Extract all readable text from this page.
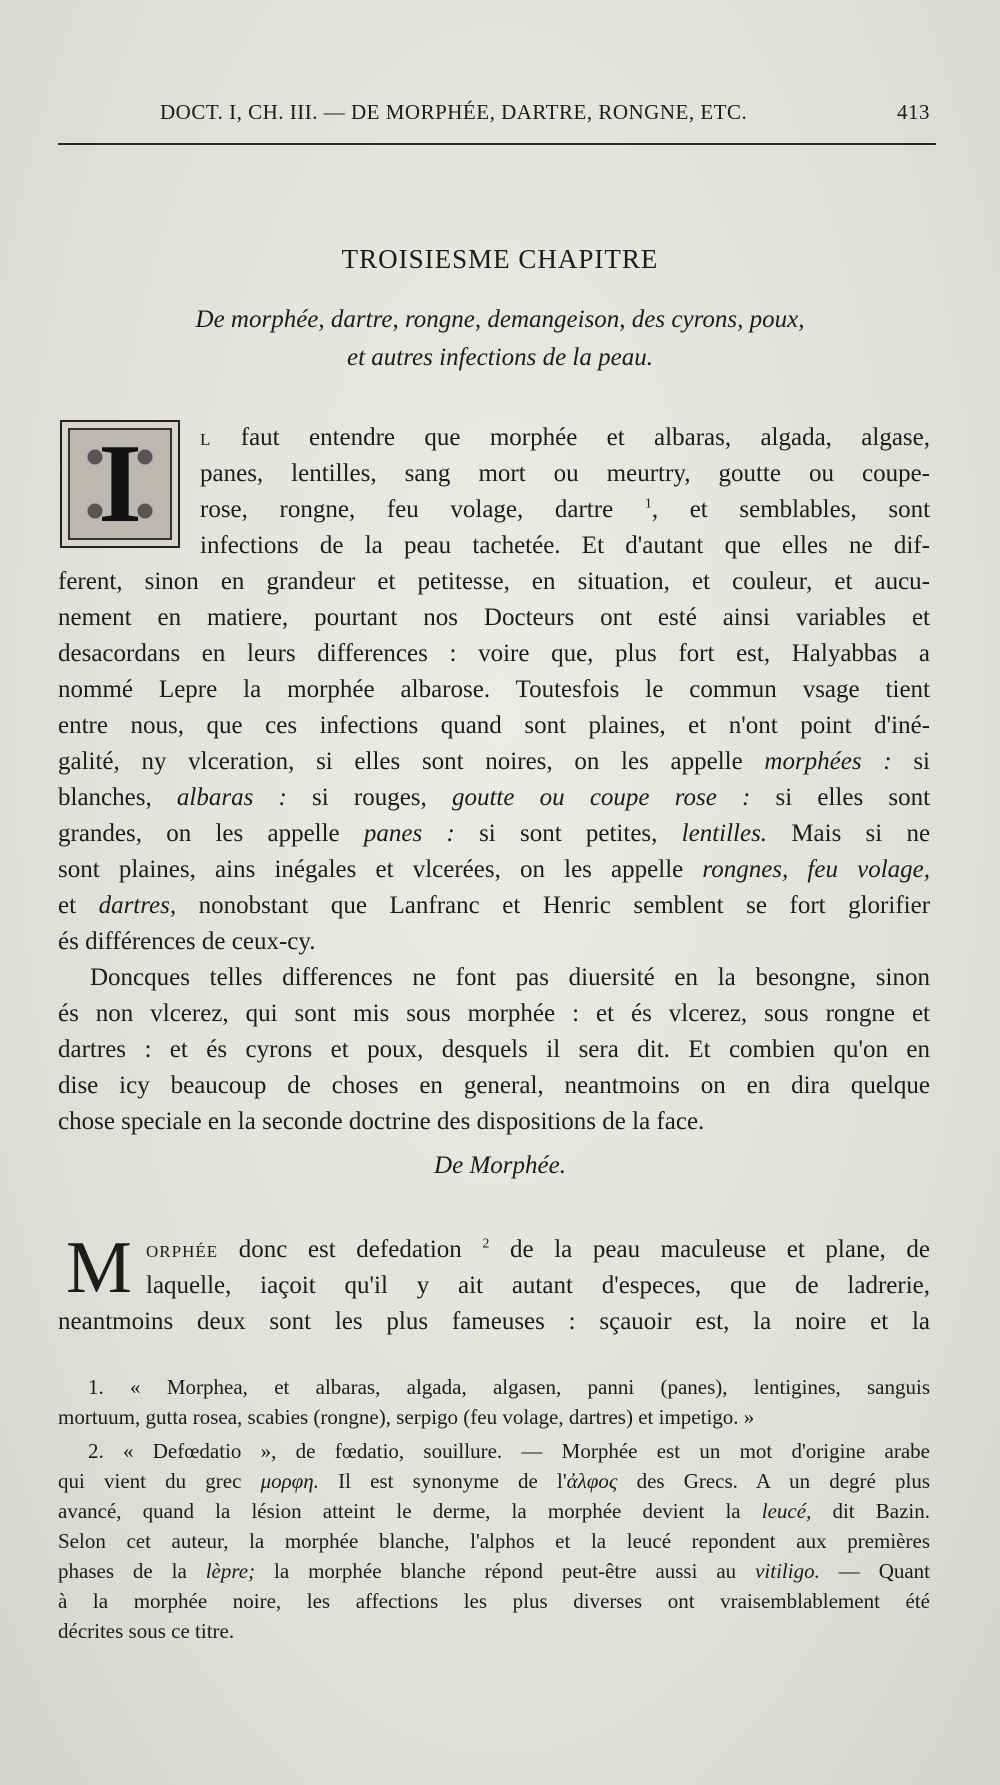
DOCT. I, CH. III. — DE MORPHÉE, DARTRE, RONGNE, ETC.	413
TROISIESME CHAPITRE
De morphée, dartre, rongne, demangeison, des cyrons, poux,
et autres infections de la peau.
I	L faut entendre que morphée et albaras, algada, algase,
panes, lentilles, sang mort ou meurtry, goutte ou coupe-
rose, rongne, feu volage, dartre $^1$, et semblables, sont
infections de la peau tachetée. Et d'autant que elles ne dif-
ferent, sinon en grandeur et petitesse, en situation, et couleur, et aucu-
nement en matiere, pourtant nos Docteurs ont esté ainsi variables et
desacordans en leurs differences : voire que, plus fort est, Halyabbas a
nommé Lepre la morphée albarose. Toutesfois le commun vsage tient
entre nous, que ces infections quand sont plaines, et n'ont point d'iné-
galité, ny vlceration, si elles sont noires, on les appelle morphées : si
blanches, albaras : si rouges, goutte ou coupe rose : si elles sont
grandes, on les appelle panes : si sont petites, lentilles. Mais si ne
sont plaines, ains inégales et vlcerées, on les appelle rongnes, feu volage,
et dartres, nonobstant que Lanfranc et Henric semblent se fort glorifier
és différences de ceux-cy.
Doncques telles differences ne font pas diuersité en la besongne, sinon
és non vlcerez, qui sont mis sous morphée : et és vlcerez, sous rongne et
dartres : et és cyrons et poux, desquels il sera dit. Et combien qu'on en
dise icy beaucoup de choses en general, neantmoins on en dira quelque
chose speciale en la seconde doctrine des dispositions de la face.
De Morphée.
M ORPHÉE donc est defedation $^2$ de la peau maculeuse et plane, de
laquelle, iaçoit qu'il y ait autant d'especes, que de ladrerie,
neantmoins deux sont les plus fameuses : sçauoir est, la noire et la
1. « Morphea, et albaras, algada, algasen, panni (panes), lentigines, sanguis
mortuum, gutta rosea, scabies (rongne), serpigo (feu volage, dartres) et impetigo. »
2. « Defœdatio », de fœdatio, souillure. — Morphée est un mot d'origine arabe
qui vient du grec μορφη. Il est synonyme de l'ἀλφος des Grecs. A un degré plus
avancé, quand la lésion atteint le derme, la morphée devient la leucé, dit Bazin.
Selon cet auteur, la morphée blanche, l'alphos et la leucé repondent aux premières
phases de la lèpre; la morphée blanche répond peut-être aussi au vitiligo. — Quant
à la morphée noire, les affections les plus diverses ont vraisemblablement été
décrites sous ce titre.
